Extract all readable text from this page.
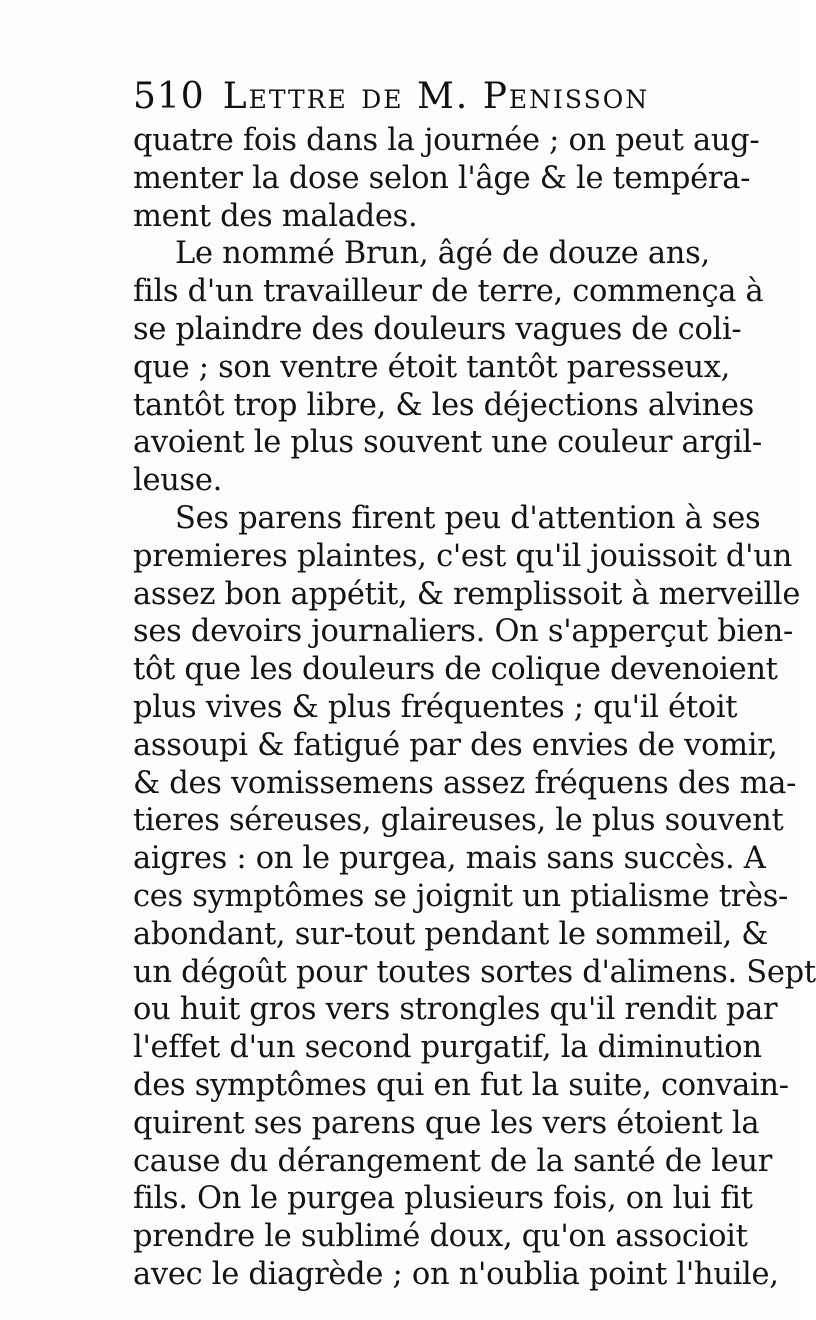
510 Lettre de M. Penisson
quatre fois dans la journée ; on peut aug-
menter la dose selon l'âge & le tempéra-
ment des malades.
Le nommé Brun, âgé de douze ans,
fils d'un travailleur de terre, commença à
se plaindre des douleurs vagues de coli-
que ; son ventre étoit tantôt paresseux,
tantôt trop libre, & les déjections alvines
avoient le plus souvent une couleur argil-
leuse.
Ses parens firent peu d'attention à ses
premieres plaintes, c'est qu'il jouissoit d'un
assez bon appétit, & remplissoit à merveille
ses devoirs journaliers. On s'apperçut bien-
tôt que les douleurs de colique devenoient
plus vives & plus fréquentes ; qu'il étoit
assoupi & fatigué par des envies de vomir,
& des vomissemens assez fréquens des ma-
tieres séreuses, glaireuses, le plus souvent
aigres : on le purgea, mais sans succès. A
ces symptômes se joignit un ptialisme très-
abondant, sur-tout pendant le sommeil, &
un dégoût pour toutes sortes d'alimens. Sept
ou huit gros vers strongles qu'il rendit par
l'effet d'un second purgatif, la diminution
des symptômes qui en fut la suite, convain-
quirent ses parens que les vers étoient la
cause du dérangement de la santé de leur
fils. On le purgea plusieurs fois, on lui fit
prendre le sublimé doux, qu'on associoit
avec le diagrède ; on n'oublia point l'huile,
